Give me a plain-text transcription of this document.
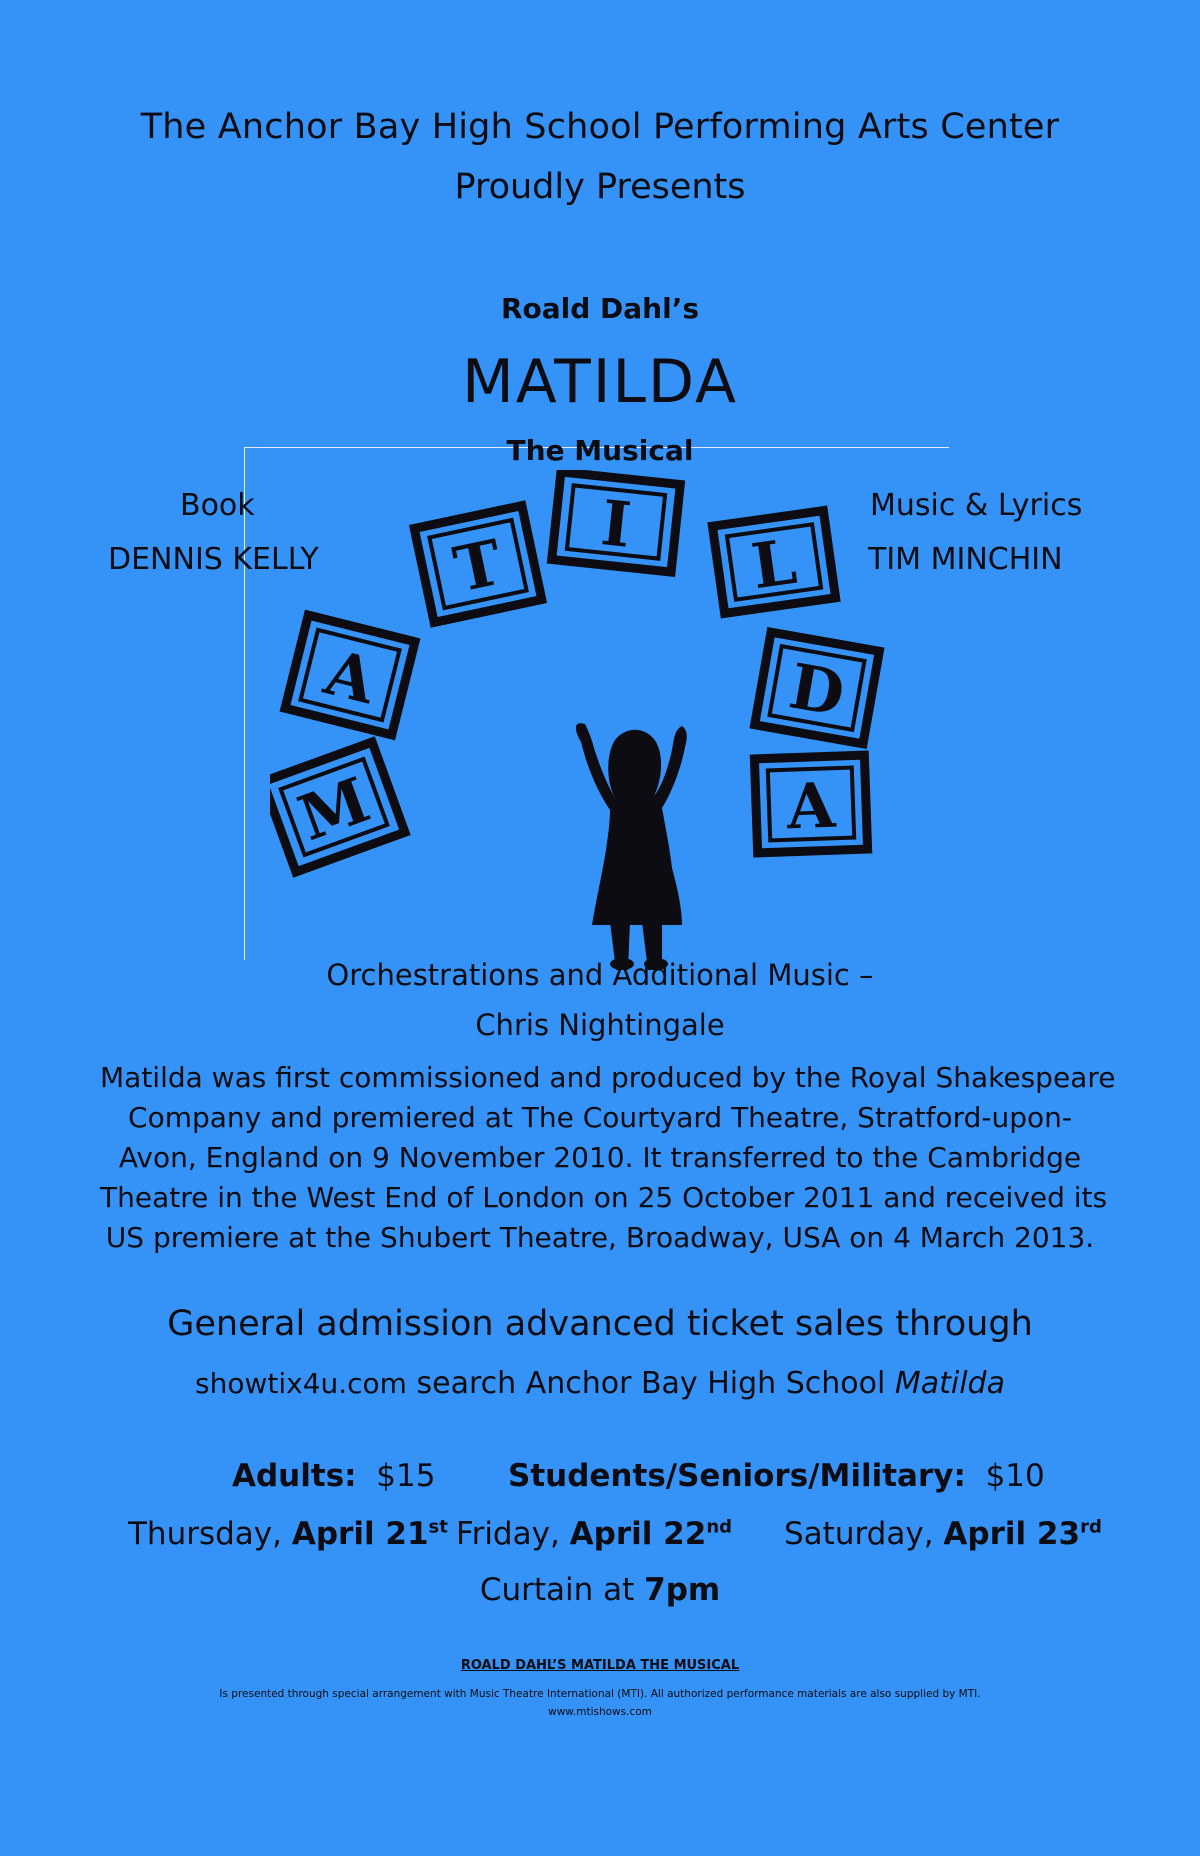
The Anchor Bay High School Performing Arts Center
Proudly Presents
Roald Dahl’s
MATILDA
M
A
T
I
L
D
A
The Musical
Book
DENNIS KELLY
Music & Lyrics
TIM MINCHIN
Orchestrations and Additional Music –
Chris Nightingale
Matilda was first commissioned and produced by the Royal Shakespeare
Company and premiered at The Courtyard Theatre, Stratford-upon-
Avon, England on 9 November 2010. It transferred to the Cambridge
Theatre in the West End of London on 25 October 2011 and received its
US premiere at the Shubert Theatre, Broadway, USA on 4 March 2013.
General admission advanced ticket sales through
showtix4u.com search Anchor Bay High School Matilda
Adults: $15 Students/Seniors/Military: $10
Thursday, April 21st Friday, April 22nd Saturday, April 23rd
Curtain at 7pm
ROALD DAHL’S MATILDA THE MUSICAL
Is presented through special arrangement with Music Theatre International (MTI). All authorized performance materials are also supplied by MTI.
www.mtishows.com
